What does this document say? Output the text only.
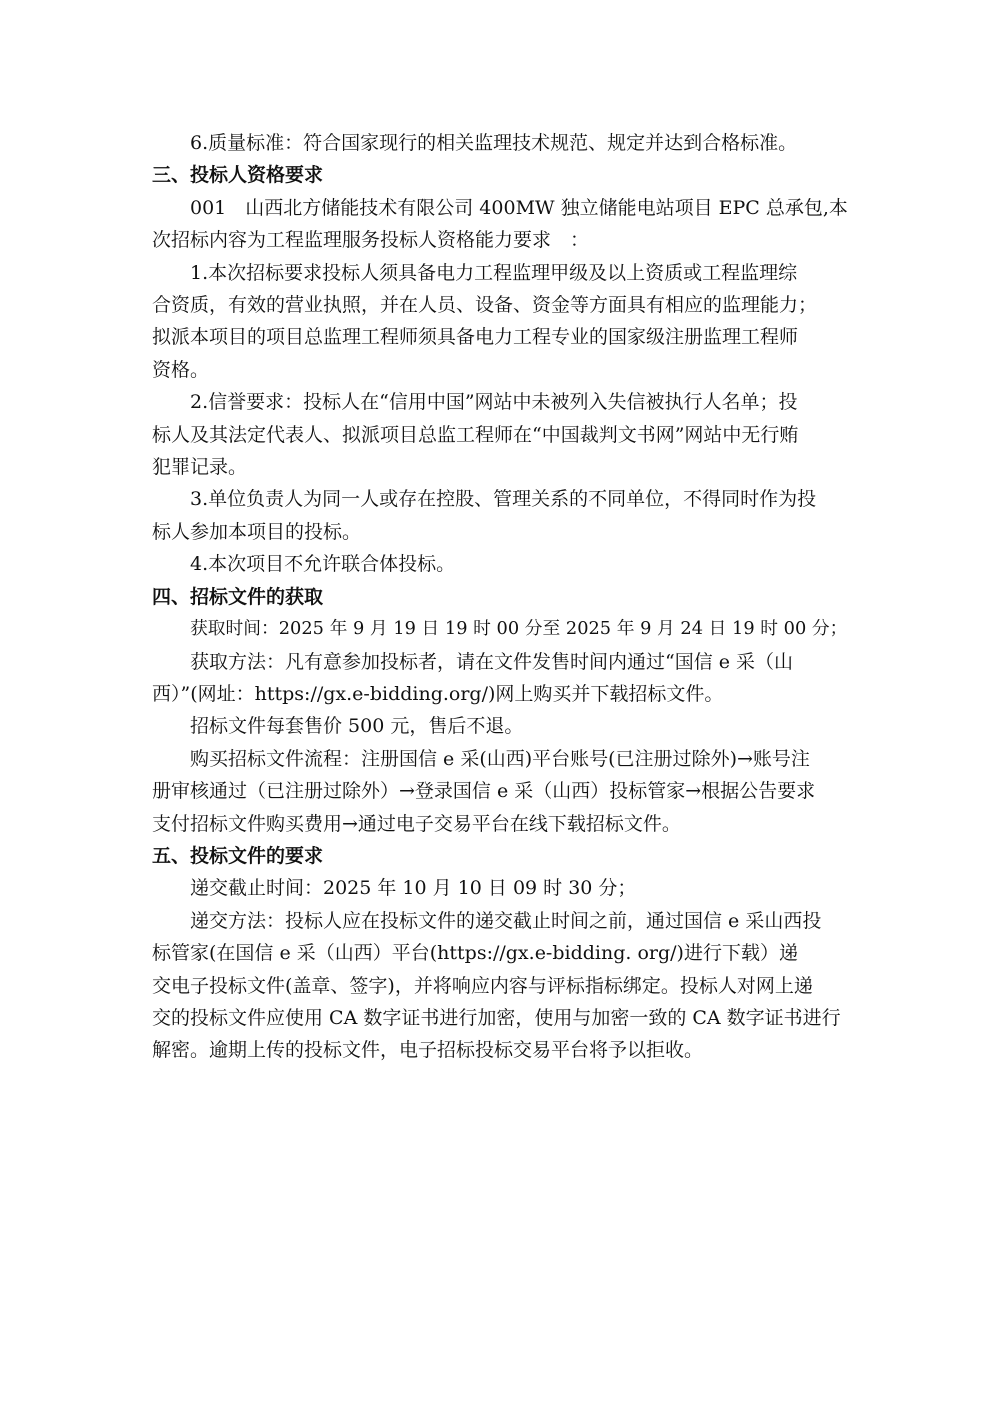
6.质量标准：符合国家现行的相关监理技术规范、规定并达到合格标准。
三、投标人资格要求
001　山西北方储能技术有限公司 400MW 独立储能电站项目 EPC 总承包,本
次招标内容为工程监理服务投标人资格能力要求　：
1.本次招标要求投标人须具备电力工程监理甲级及以上资质或工程监理综
合资质，有效的营业执照，并在人员、设备、资金等方面具有相应的监理能力；
拟派本项目的项目总监理工程师须具备电力工程专业的国家级注册监理工程师
资格。
2.信誉要求：投标人在“信用中国”网站中未被列入失信被执行人名单；投
标人及其法定代表人、拟派项目总监工程师在“中国裁判文书网”网站中无行贿
犯罪记录。
3.单位负责人为同一人或存在控股、管理关系的不同单位，不得同时作为投
标人参加本项目的投标。
4.本次项目不允许联合体投标。
四、招标文件的获取
获取时间：2025 年 9 月 19 日 19 时 00 分至 2025 年 9 月 24 日 19 时 00 分；
获取方法：凡有意参加投标者，请在文件发售时间内通过“国信 e 采（山
西）”(网址：https://gx.e-bidding.org/)网上购买并下载招标文件。
招标文件每套售价 500 元，售后不退。
购买招标文件流程：注册国信 e 采(山西)平台账号(已注册过除外)→账号注
册审核通过（已注册过除外）→登录国信 e 采（山西）投标管家→根据公告要求
支付招标文件购买费用→通过电子交易平台在线下载招标文件。
五、投标文件的要求
递交截止时间：2025 年 10 月 10 日 09 时 30 分；
递交方法：投标人应在投标文件的递交截止时间之前，通过国信 e 采山西投
标管家(在国信 e 采（山西）平台(https://gx.e-bidding. org/)进行下载）递
交电子投标文件(盖章、签字)，并将响应内容与评标指标绑定。投标人对网上递
交的投标文件应使用 CA 数字证书进行加密，使用与加密一致的 CA 数字证书进行
解密。逾期上传的投标文件，电子招标投标交易平台将予以拒收。
